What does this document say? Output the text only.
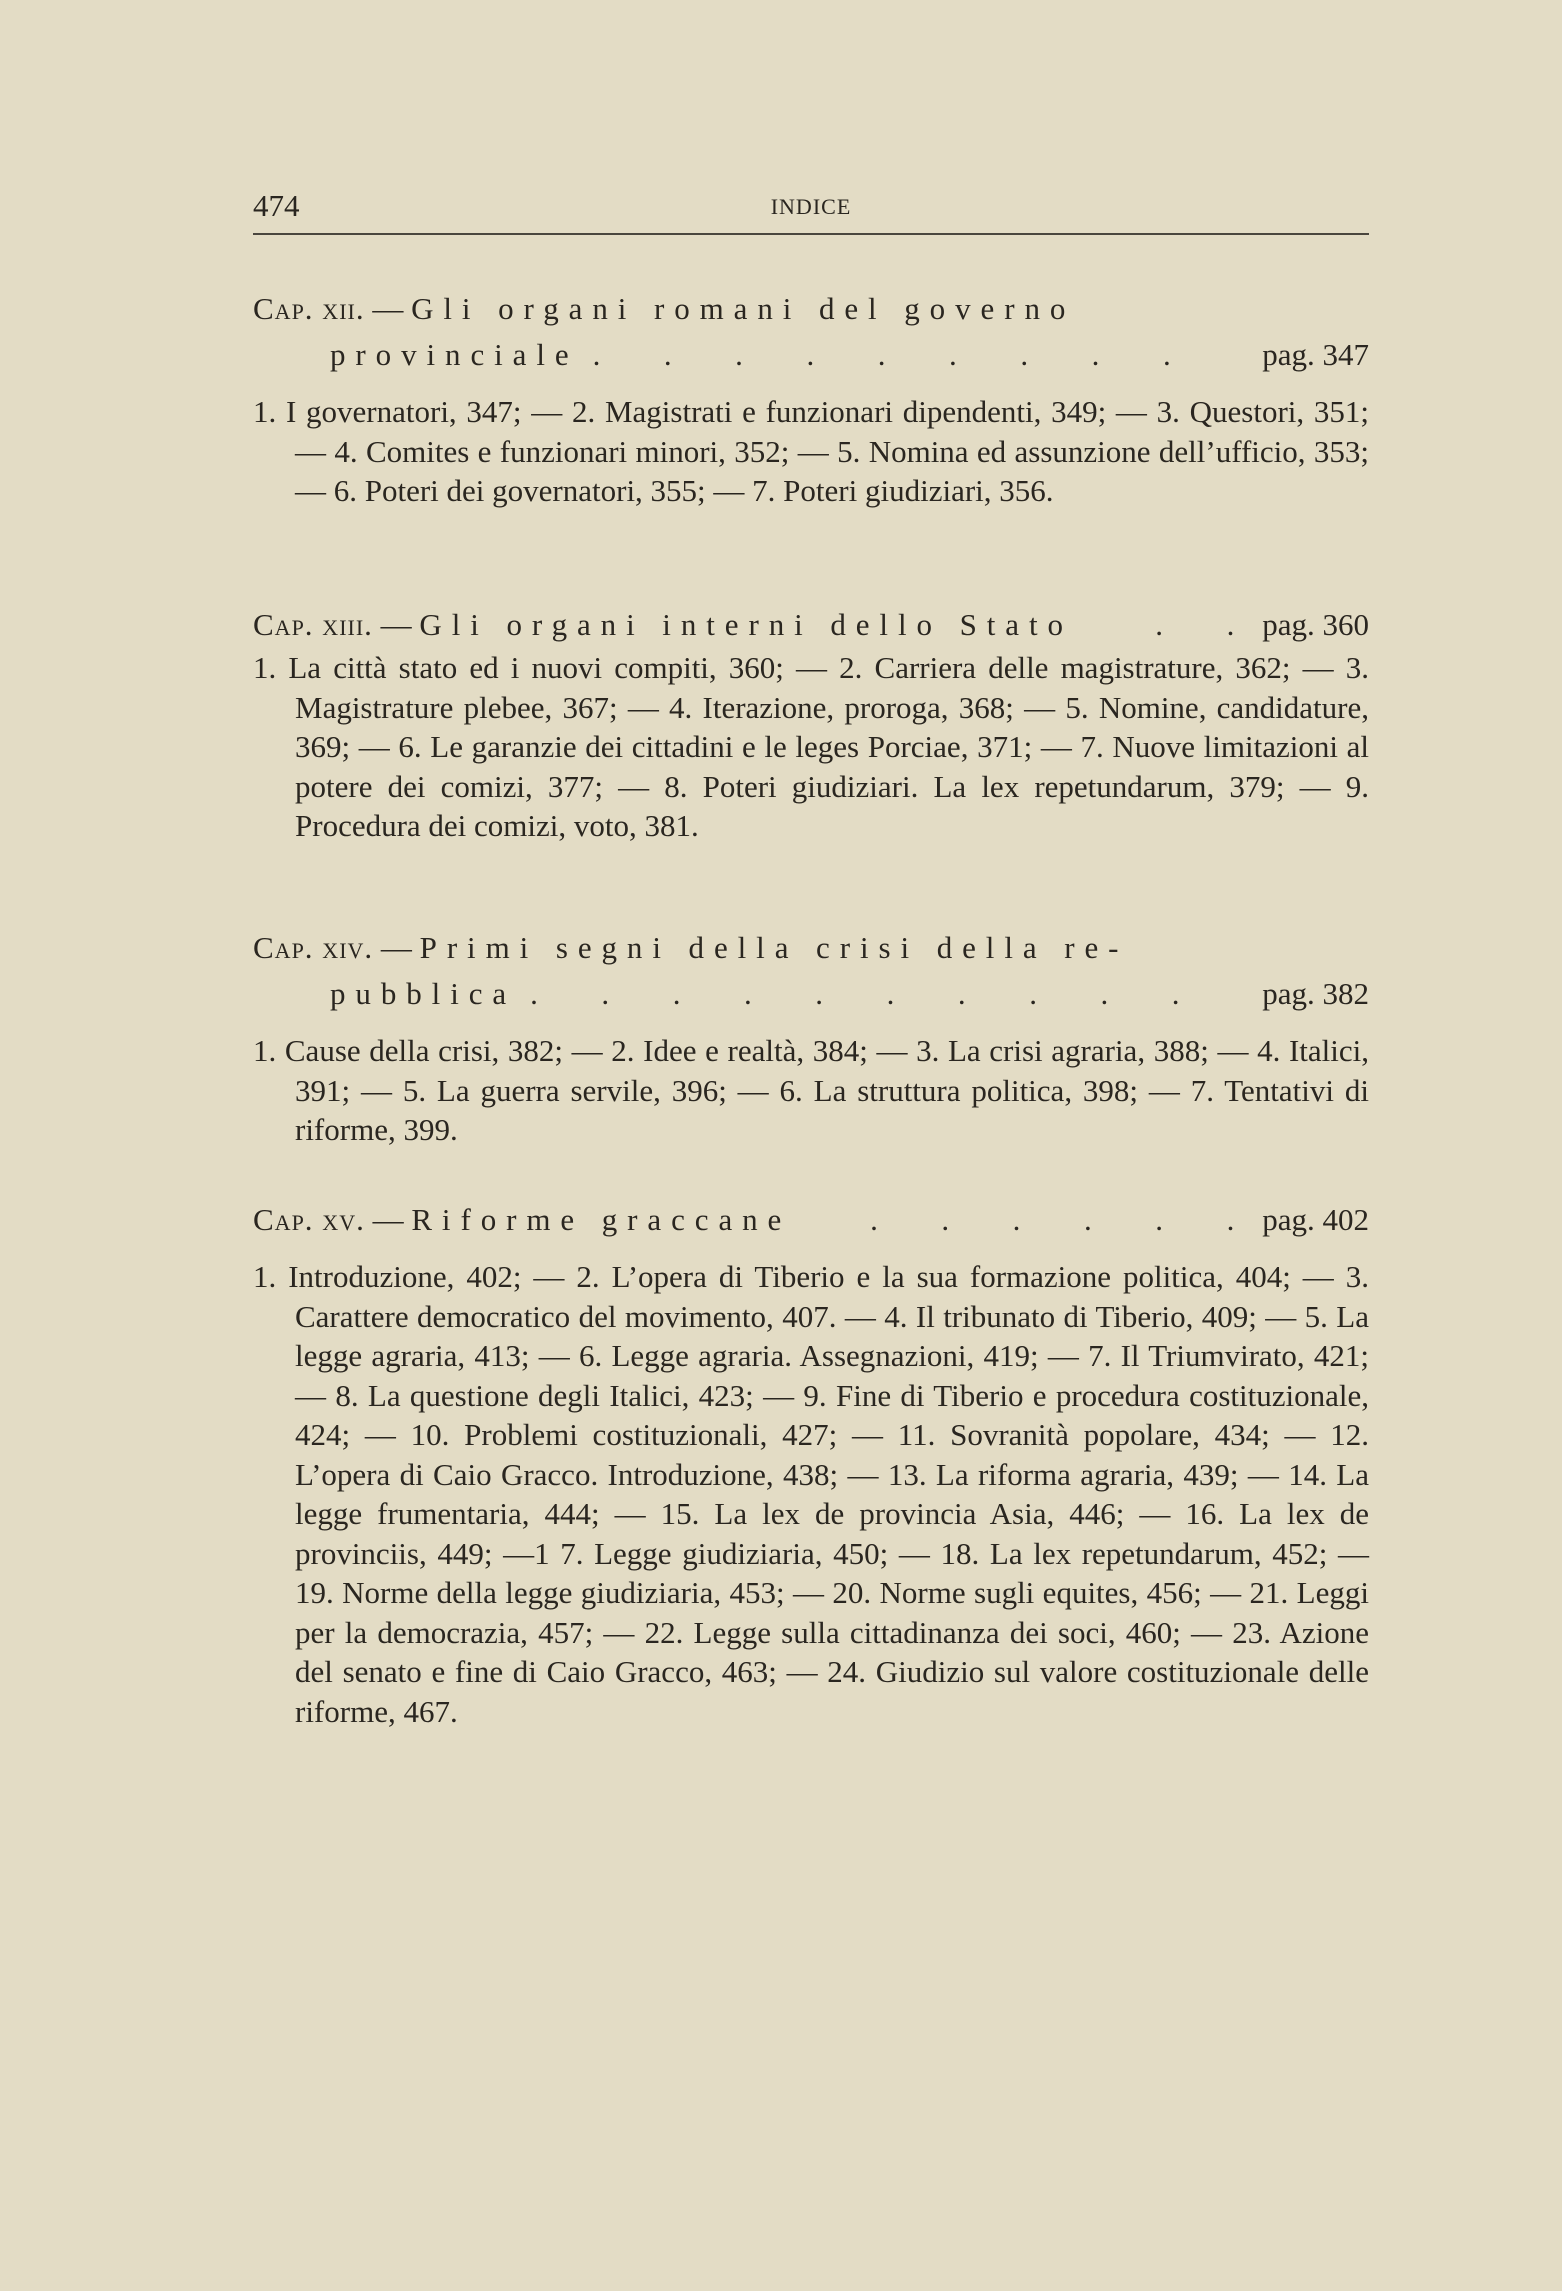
474	INDICE
Cap. xii. — Gli organi romani del governo
provinciale . . . . . . . . .	pag. 347
1. I governatori, 347; — 2. Magistrati e funzionari dipendenti, 349; — 3. Questori, 351; — 4. Comites e funzionari minori, 352; — 5. Nomina ed assunzione dell’ufficio, 353; — 6. Poteri dei governatori, 355; — 7. Poteri giudiziari, 356.
Cap. xiii. — Gli organi interni dello Stato	. . pag. 360
1. La città stato ed i nuovi compiti, 360; — 2. Carriera delle magistrature, 362; — 3. Magistrature plebee, 367; — 4. Iterazione, proroga, 368; — 5. Nomine, candidature, 369; — 6. Le garanzie dei cittadini e le leges Porciae, 371; — 7. Nuove limitazioni al potere dei comizi, 377; — 8. Poteri giudiziari. La lex repetundarum, 379; — 9. Procedura dei comizi, voto, 381.
Cap. xiv. — Primi segni della crisi della re-
pubblica . . . . . . . . . .	pag. 382
1. Cause della crisi, 382; — 2. Idee e realtà, 384; — 3. La crisi agraria, 388; — 4. Italici, 391; — 5. La guerra servile, 396; — 6. La struttura politica, 398; — 7. Tentativi di riforme, 399.
Cap. xv. — Riforme graccane	. . . . . . pag. 402
1. Introduzione, 402; — 2. L’opera di Tiberio e la sua formazione politica, 404; — 3. Carattere democratico del movimento, 407. — 4. Il tribunato di Tiberio, 409; — 5. La legge agraria, 413; — 6. Legge agraria. Assegnazioni, 419; — 7. Il Triumvirato, 421; — 8. La questione degli Italici, 423; — 9. Fine di Tiberio e procedura costituzionale, 424; — 10. Problemi costituzionali, 427; — 11. Sovranità popolare, 434; — 12. L’opera di Caio Gracco. Introduzione, 438; — 13. La riforma agraria, 439; — 14. La legge frumentaria, 444; — 15. La lex de provincia Asia, 446; — 16. La lex de provinciis, 449; —1 7. Legge giudiziaria, 450; — 18. La lex repetundarum, 452; — 19. Norme della legge giudiziaria, 453; — 20. Norme sugli equites, 456; — 21. Leggi per la democrazia, 457; — 22. Legge sulla cittadinanza dei soci, 460; — 23. Azione del senato e fine di Caio Gracco, 463; — 24. Giudizio sul valore costituzionale delle riforme, 467.
